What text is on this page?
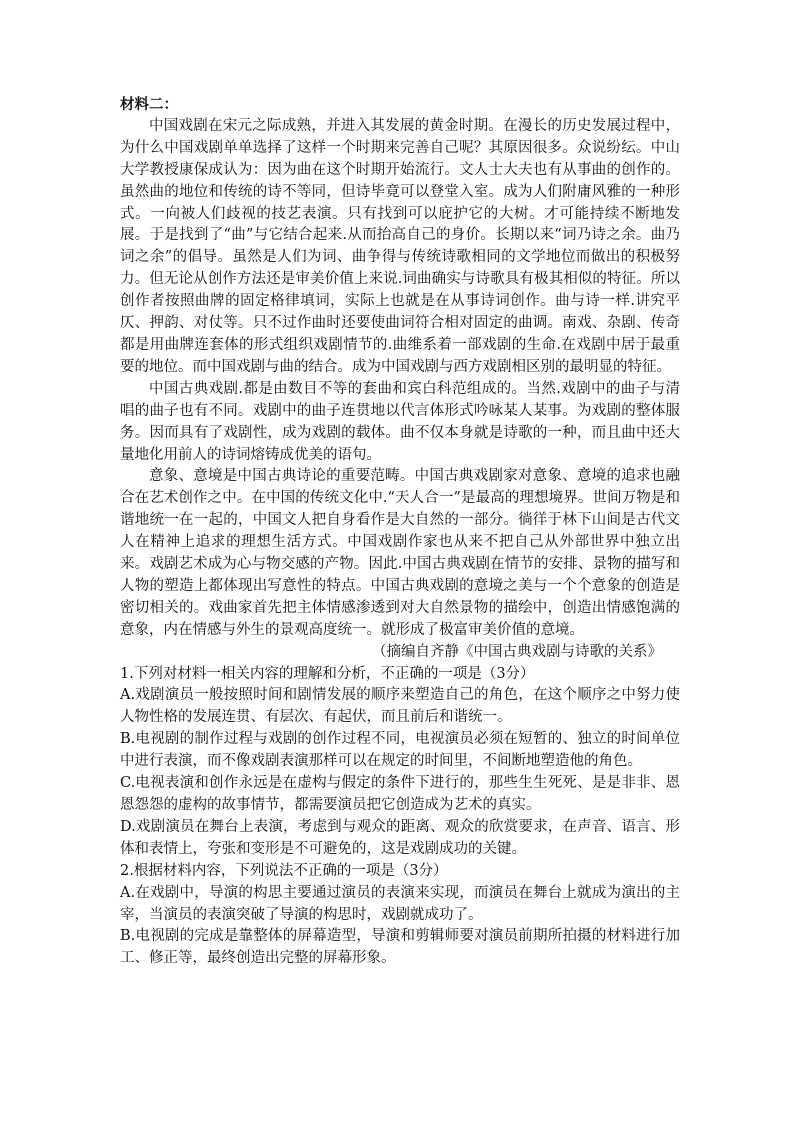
材料二：

中国戏剧在宋元之际成熟，并进入其发展的黄金时期。在漫长的历史发展过程中，为什么中国戏剧单单选择了这样一个时期来完善自己呢？其原因很多。众说纷纭。中山大学教授康保成认为：因为曲在这个时期开始流行。文人士大夫也有从事曲的创作的。虽然曲的地位和传统的诗不等同，但诗毕竟可以登堂入室。成为人们附庸风雅的一种形式。一向被人们歧视的技艺表演。只有找到可以庇护它的大树。才可能持续不断地发展。于是找到了“曲”与它结合起来.从而抬高自己的身价。长期以来“词乃诗之余。曲乃词之余”的倡导。虽然是人们为词、曲争得与传统诗歌相同的文学地位而做出的积极努力。但无论从创作方法还是审美价值上来说.词曲确实与诗歌具有极其相似的特征。所以创作者按照曲牌的固定格律填词，实际上也就是在从事诗词创作。曲与诗一样.讲究平仄、押韵、对仗等。只不过作曲时还要使曲词符合相对固定的曲调。南戏、杂剧、传奇都是用曲牌连套体的形式组织戏剧情节的.曲维系着一部戏剧的生命.在戏剧中居于最重要的地位。而中国戏剧与曲的结合。成为中国戏剧与西方戏剧相区别的最明显的特征。

中国古典戏剧.都是由数目不等的套曲和宾白科范组成的。当然.戏剧中的曲子与清唱的曲子也有不同。戏剧中的曲子连贯地以代言体形式吟咏某人某事。为戏剧的整体服务。因而具有了戏剧性，成为戏剧的载体。曲不仅本身就是诗歌的一种，而且曲中还大量地化用前人的诗词熔铸成优美的语句。

意象、意境是中国古典诗论的重要范畴。中国古典戏剧家对意象、意境的追求也融合在艺术创作之中。在中国的传统文化中.“天人合一”是最高的理想境界。世间万物是和谐地统一在一起的，中国文人把自身看作是大自然的一部分。徜徉于林下山间是古代文人在精神上追求的理想生活方式。中国戏剧作家也从来不把自己从外部世界中独立出来。戏剧艺术成为心与物交感的产物。因此.中国古典戏剧在情节的安排、景物的描写和人物的塑造上都体现出写意性的特点。中国古典戏剧的意境之美与一个个意象的创造是密切相关的。戏曲家首先把主体情感渗透到对大自然景物的描绘中，创造出情感饱满的意象，内在情感与外生的景观高度统一。就形成了极富审美价值的意境。

（摘编自齐静《中国古典戏剧与诗歌的关系》

1.下列对材料一相关内容的理解和分析，不正确的一项是（3分）

A.戏剧演员一般按照时间和剧情发展的顺序来塑造自己的角色，在这个顺序之中努力使人物性格的发展连贯、有层次、有起伏，而且前后和谐统一。

B.电视剧的制作过程与戏剧的创作过程不同，电视演员必须在短暂的、独立的时间单位中进行表演，而不像戏剧表演那样可以在规定的时间里，不间断地塑造他的角色。

C.电视表演和创作永远是在虚构与假定的条件下进行的，那些生生死死、是是非非、恩恩怨怨的虚构的故事情节，都需要演员把它创造成为艺术的真实。

D.戏剧演员在舞台上表演，考虑到与观众的距离、观众的欣赏要求，在声音、语言、形体和表情上，夸张和变形是不可避免的，这是戏剧成功的关键。

2.根据材料内容，下列说法不正确的一项是（3分）

A.在戏剧中，导演的构思主要通过演员的表演来实现，而演员在舞台上就成为演出的主宰，当演员的表演突破了导演的构思时，戏剧就成功了。

B.电视剧的完成是靠整体的屏幕造型，导演和剪辑师要对演员前期所拍摄的材料进行加工、修正等，最终创造出完整的屏幕形象。
